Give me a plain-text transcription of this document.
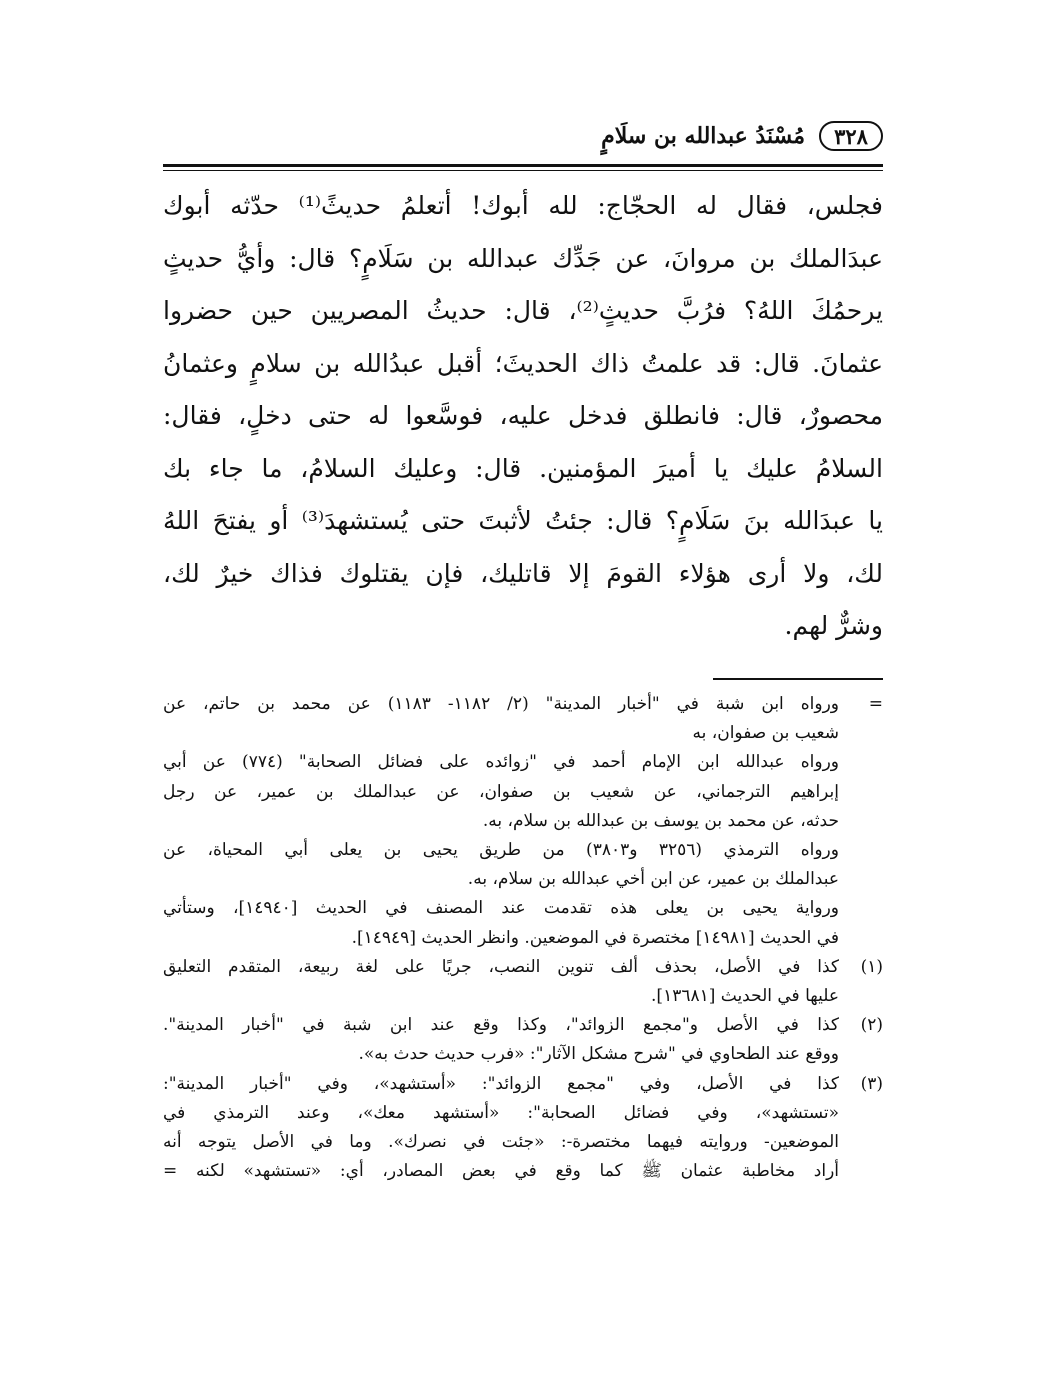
٣٢٨
مُسْنَدُ عبدالله بن سلَامٍ
فجلس، فقال له الحجّاج: لله أبوك! أتعلمُ حديثً⁽¹⁾ حدّثه أبوك
عبدَالملك بن مروانَ، عن جَدِّك عبدالله بن سَلَامٍ؟ قال: وأيُّ حديثٍ
يرحمُكَ اللهُ؟ فرُبَّ حديثٍ⁽²⁾، قال: حديثُ المصريين حين حضروا
عثمانَ. قال: قد علمتُ ذاك الحديثَ؛ أقبل عبدُالله بن سلامٍ وعثمانُ
محصورٌ، قال: فانطلق فدخل عليه، فوسَّعوا له حتى دخلٍ، فقال:
السلامُ عليك يا أميرَ المؤمنين. قال: وعليك السلامُ، ما جاء بك
يا عبدَالله بنَ سَلَامٍ؟ قال: جئتُ لأثبتَ حتى يُستشهدَ⁽³⁾ أو يفتحَ اللهُ
لك، ولا أرى هؤلاء القومَ إلا قاتليك، فإن يقتلوك فذاك خيرٌ لك،
وشرٌّ لهم.
=
ورواه ابن شبة في "أخبار المدينة" (٢/ ١١٨٢- ١١٨٣) عن محمد بن حاتم، عن
شعيب بن صفوان، به
ورواه عبدالله ابن الإمام أحمد في "زوائده على فضائل الصحابة" (٧٧٤) عن أبي
إبراهيم الترجماني، عن شعيب بن صفوان، عن عبدالملك بن عمير، عن رجل
حدثه، عن محمد بن يوسف بن عبدالله بن سلام، به.
ورواه الترمذي (٣٢٥٦ و٣٨٠٣) من طريق يحيى بن يعلى أبي المحياة، عن
عبدالملك بن عمير، عن ابن أخي عبدالله بن سلام، به.
ورواية يحيى بن يعلى هذه تقدمت عند المصنف في الحديث [١٤٩٤٠]، وستأتي
في الحديث [١٤٩٨١] مختصرة في الموضعين. وانظر الحديث [١٤٩٤٩].
(١)
كذا في الأصل، بحذف ألف تنوين النصب، جريًا على لغة ربيعة، المتقدم التعليق
عليها في الحديث [١٣٦٨١].
(٢)
كذا في الأصل و"مجمع الزوائد"، وكذا وقع عند ابن شبة في "أخبار المدينة".
ووقع عند الطحاوي في "شرح مشكل الآثار": «فرب حديث حدث به».
(٣)
كذا في الأصل، وفي "مجمع الزوائد": «أستشهد»، وفي "أخبار المدينة":
«تستشهد»، وفي فضائل الصحابة": «أستشهد معك»، وعند الترمذي في
الموضعين- وروايته فيهما مختصرة-: «جئت في نصرك». وما في الأصل يتوجه أنه
أراد مخاطبة عثمان ﷺ كما وقع في بعض المصادر، أي: «تستشهد» لكنه =
